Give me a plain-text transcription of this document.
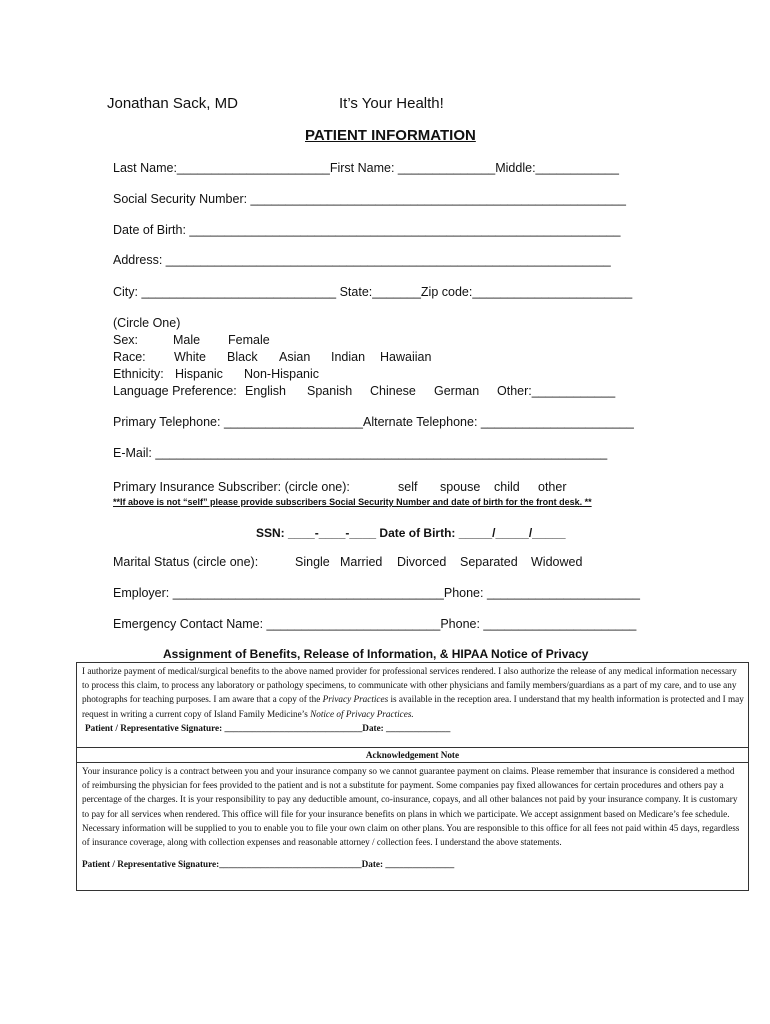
Jonathan Sack, MD	It’s Your Health!
PATIENT INFORMATION
Last Name:______________________First Name: ______________Middle:____________
Social Security Number: ______________________________________________________
Date of Birth: ______________________________________________________________
Address: ________________________________________________________________
City: ____________________________ State:_______Zip code:_______________________
(Circle One)
Sex:	Male Female
Race: White Black Asian Indian Hawaiian
Ethnicity: Hispanic Non-Hispanic
Language Preference: English Spanish Chinese German Other:____________
Primary Telephone: ____________________Alternate Telephone: ______________________
E-Mail: _________________________________________________________________
Primary Insurance Subscriber: (circle one):	self spouse child other
**If above is not “self” please provide subscribers Social Security Number and date of birth for the front desk. **
SSN: ____-____-____ Date of Birth: _____/_____/_____
Marital Status (circle one):	Single Married Divorced Separated Widowed
Employer: _______________________________________Phone: ______________________
Emergency Contact Name: _________________________Phone: ______________________
Assignment of Benefits, Release of Information, & HIPAA Notice of Privacy

I authorize payment of medical/surgical benefits to the above named provider for professional services rendered. I also authorize the release of any medical information necessary to process this claim, to process any laboratory or pathology specimens, to communicate with other physicians and family members/guardians as a part of my care, and to use any photographs for teaching purposes. I am aware that a copy of the Privacy Practices is available in the reception area. I understand that my health information is protected and I may request in writing a current copy of Island Family Medicine’s Notice of Privacy Practices.

Patient / Representative Signature: ______________________________Date: ______________

Acknowledgement Note

Your insurance policy is a contract between you and your insurance company so we cannot guarantee payment on claims. Please remember that insurance is considered a method of reimbursing the physician for fees provided to the patient and is not a substitute for payment. Some companies pay fixed allowances for certain procedures and others pay a percentage of the charges. It is your responsibility to pay any deductible amount, co-insurance, copays, and all other balances not paid by your insurance company. It is customary to pay for all services when rendered. This office will file for your insurance benefits on plans in which we participate. We accept assignment based on Medicare’s fee schedule. Necessary information will be supplied to you to enable you to file your own claim on other plans. You are responsible to this office for all fees not paid within 45 days, regardless of insurance coverage, along with collection expenses and reasonable attorney / collection fees. I understand the above statements.

Patient / Representative Signature:_______________________________Date: _______________
